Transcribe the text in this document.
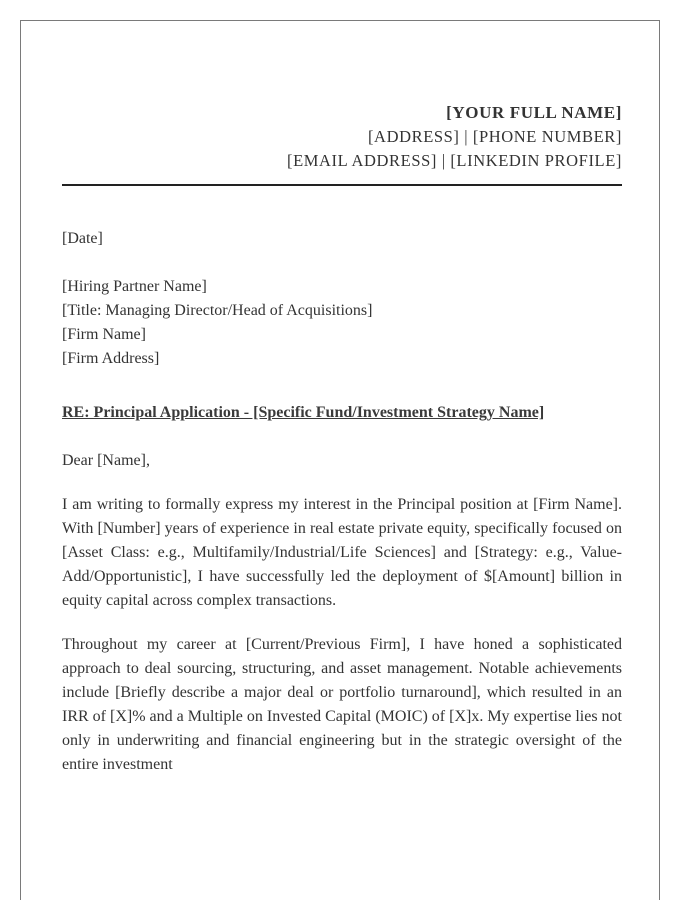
[YOUR FULL NAME]
[ADDRESS] | [PHONE NUMBER]
[EMAIL ADDRESS] | [LINKEDIN PROFILE]
[Date]
[Hiring Partner Name]
[Title: Managing Director/Head of Acquisitions]
[Firm Name]
[Firm Address]
RE: Principal Application - [Specific Fund/Investment Strategy Name]
Dear [Name],
I am writing to formally express my interest in the Principal position at [Firm Name]. With [Number] years of experience in real estate private equity, specifically focused on [Asset Class: e.g., Multifamily/Industrial/Life Sciences] and [Strategy: e.g., Value-Add/Opportunistic], I have successfully led the deployment of $[Amount] billion in equity capital across complex transactions.
Throughout my career at [Current/Previous Firm], I have honed a sophisticated approach to deal sourcing, structuring, and asset management. Notable achievements include [Briefly describe a major deal or portfolio turnaround], which resulted in an IRR of [X]% and a Multiple on Invested Capital (MOIC) of [X]x. My expertise lies not only in underwriting and financial engineering but in the strategic oversight of the entire investment
